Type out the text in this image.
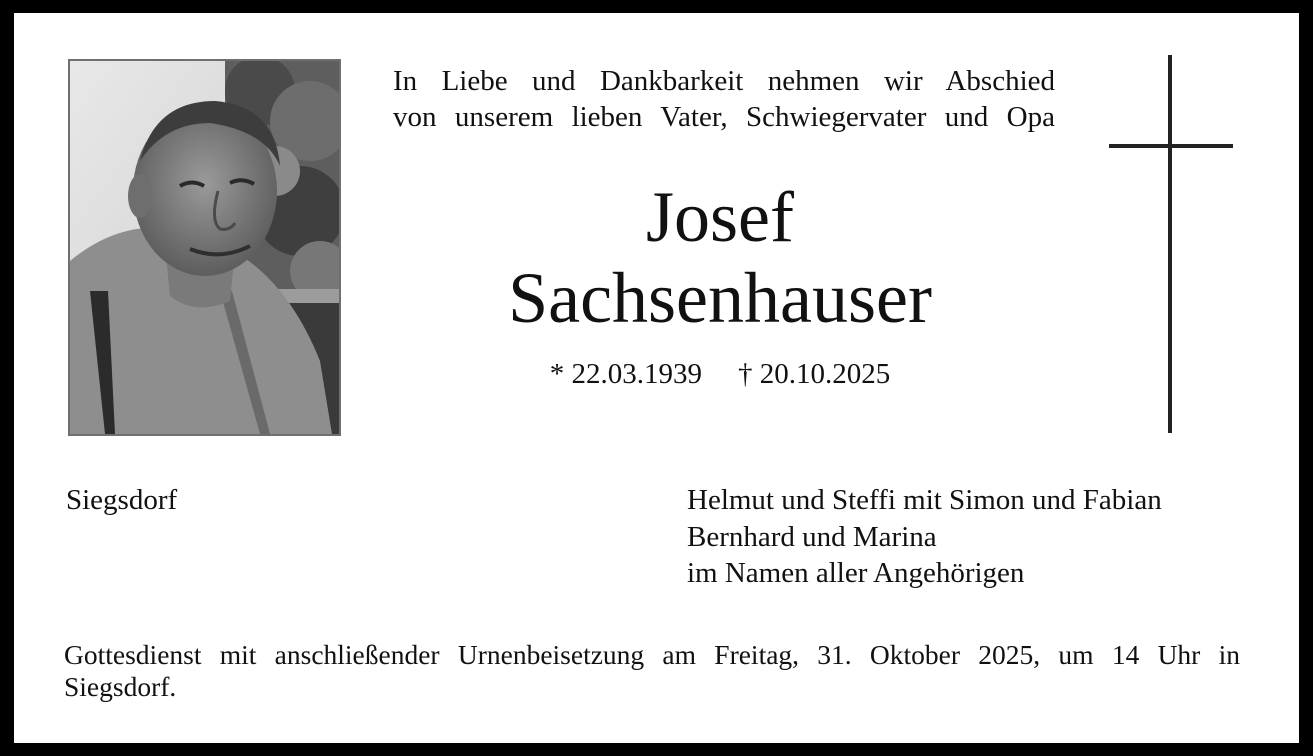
In Liebe und Dankbarkeit nehmen wir Abschied
von unserem lieben Vater, Schwiegervater und Opa
Josef
Sachsenhauser
* 22.03.1939 † 20.10.2025
Siegsdorf	Helmut und Steffi mit Simon und Fabian
Bernhard und Marina
im Namen aller Angehörigen
Gottesdienst mit anschließender Urnenbeisetzung am Freitag, 31. Oktober 2025, um 14 Uhr in
Siegsdorf.
